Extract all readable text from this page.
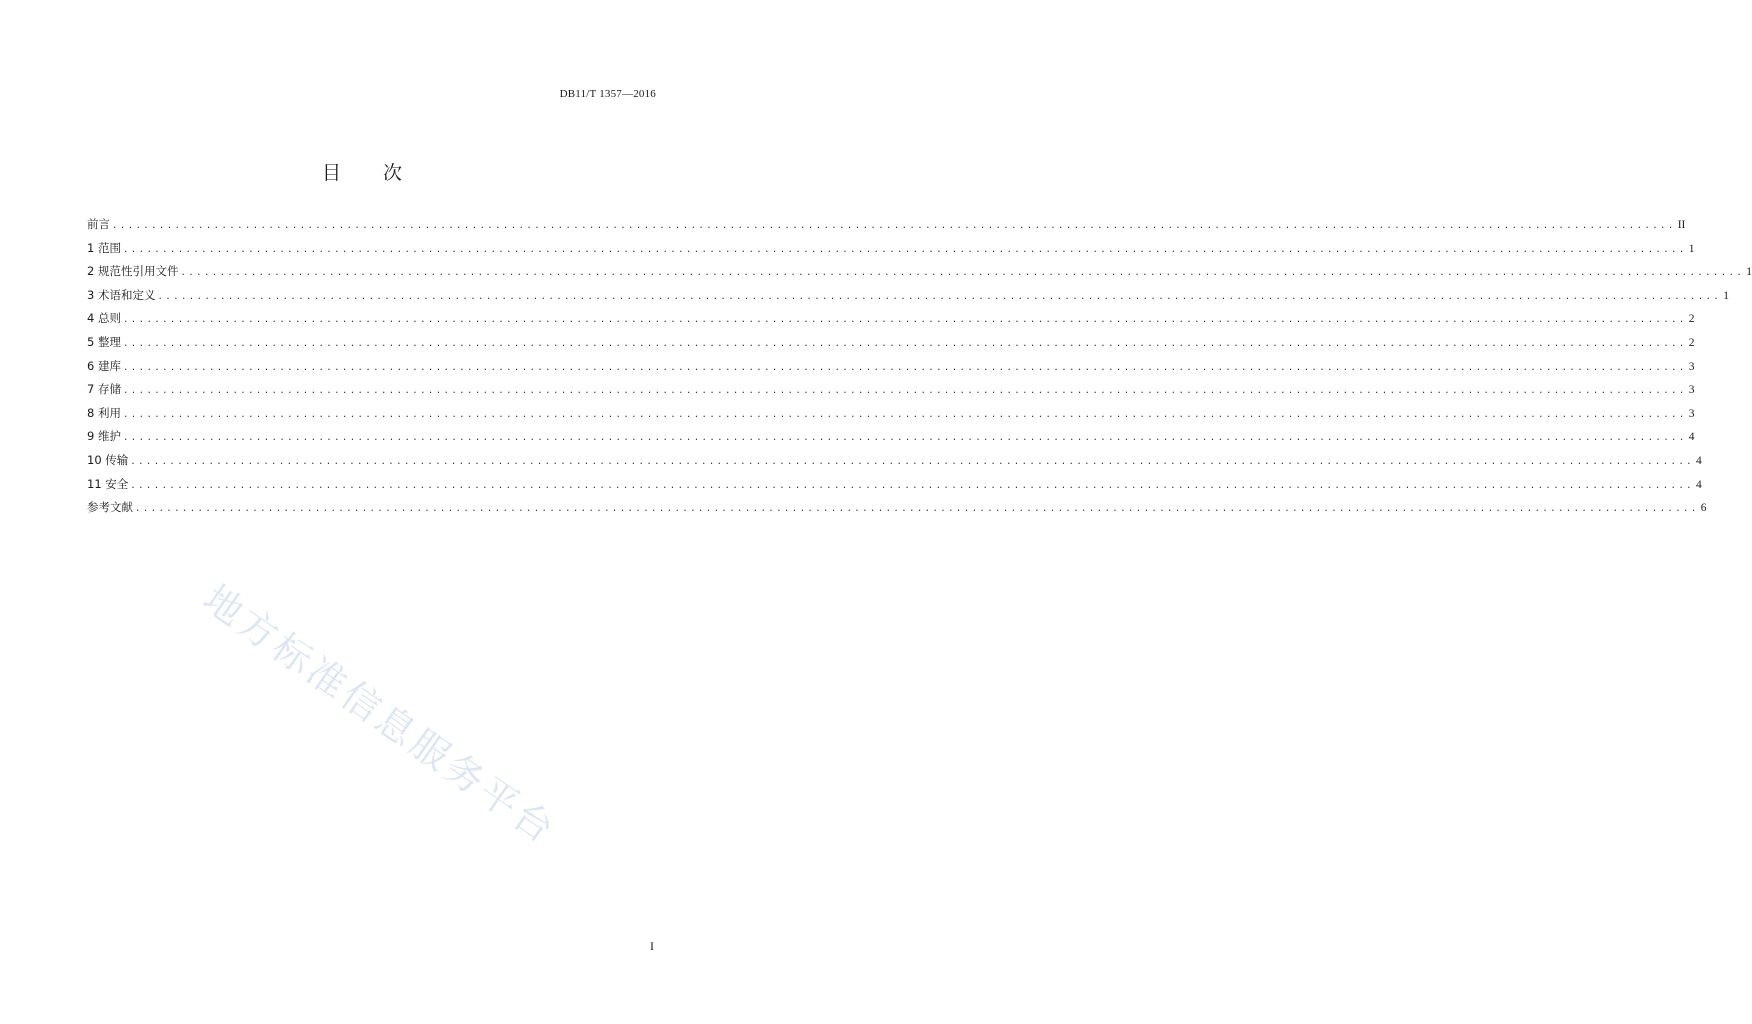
DB11/T 1357—2016
目 次
前言 ........................................................................................................................................................................................................ II
1 范围 ........................................................................................................................................................................................................ 1
2 规范性引用文件 ........................................................................................................................................................................................................ 1
3 术语和定义 ........................................................................................................................................................................................................ 1
4 总则 ........................................................................................................................................................................................................ 2
5 整理 ........................................................................................................................................................................................................ 2
6 建库 ........................................................................................................................................................................................................ 3
7 存储 ........................................................................................................................................................................................................ 3
8 利用 ........................................................................................................................................................................................................ 3
9 维护 ........................................................................................................................................................................................................ 4
10 传输 ........................................................................................................................................................................................................ 4
11 安全 ........................................................................................................................................................................................................ 4
参考文献 ........................................................................................................................................................................................................ 6
地方标准信息服务平台
I
